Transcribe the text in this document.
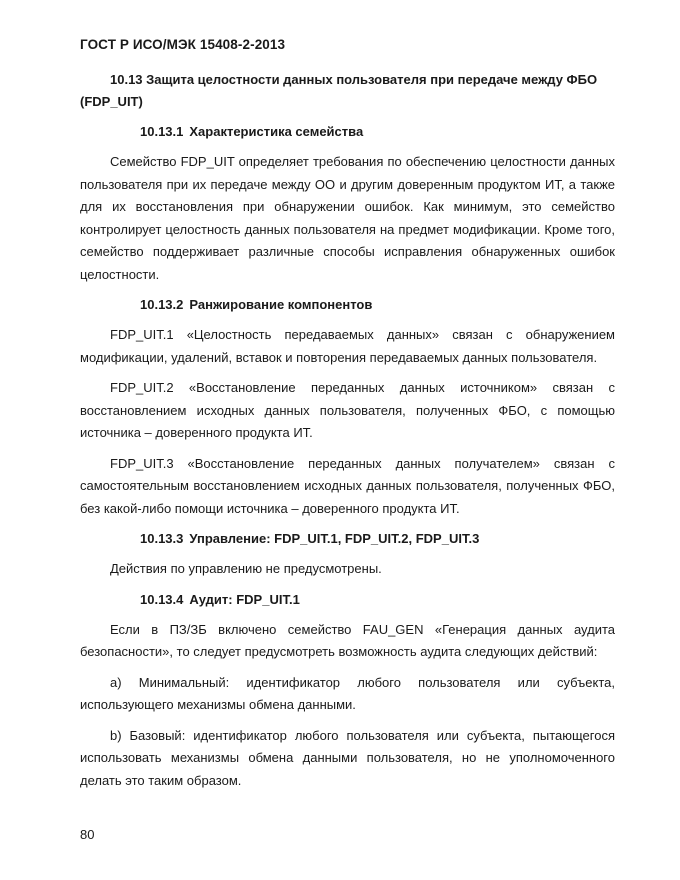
ГОСТ Р ИСО/МЭК 15408-2-2013
10.13 Защита целостности данных пользователя при передаче между ФБО (FDP_UIT)
10.13.1 Характеристика семейства
Семейство FDP_UIT определяет требования по обеспечению целостности данных пользователя при их передаче между ОО и другим доверенным продуктом ИТ, а также для их восстановления при обнаружении ошибок. Как минимум, это семейство контролирует целостность данных пользователя на предмет модификации. Кроме того, семейство поддерживает различные способы исправления обнаруженных ошибок целостности.
10.13.2 Ранжирование компонентов
FDP_UIT.1 «Целостность передаваемых данных» связан с обнаружением модификации, удалений, вставок и повторения передаваемых данных пользователя.
FDP_UIT.2 «Восстановление переданных данных источником» связан с восстановлением исходных данных пользователя, полученных ФБО, с помощью источника – доверенного продукта ИТ.
FDP_UIT.3 «Восстановление переданных данных получателем» связан с самостоятельным восстановлением исходных данных пользователя, полученных ФБО, без какой-либо помощи источника – доверенного продукта ИТ.
10.13.3 Управление: FDP_UIT.1, FDP_UIT.2, FDP_UIT.3
Действия по управлению не предусмотрены.
10.13.4 Аудит: FDP_UIT.1
Если в ПЗ/ЗБ включено семейство FAU_GEN «Генерация данных аудита безопасности», то следует предусмотреть возможность аудита следующих действий:
a) Минимальный: идентификатор любого пользователя или субъекта, использующего механизмы обмена данными.
b) Базовый: идентификатор любого пользователя или субъекта, пытающегося использовать механизмы обмена данными пользователя, но не уполномоченного делать это таким образом.
80
